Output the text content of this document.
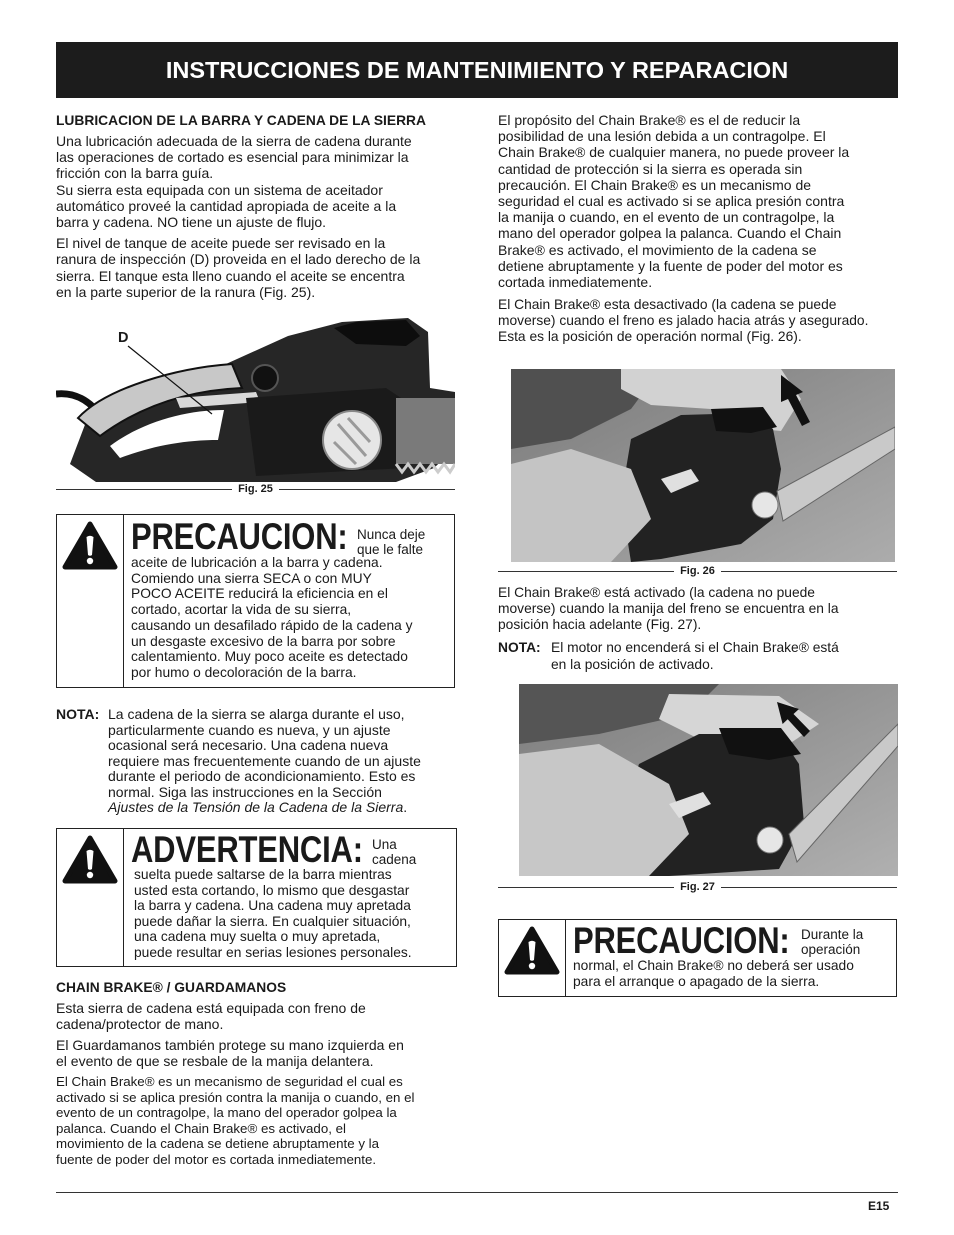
INSTRUCCIONES DE MANTENIMIENTO Y REPARACION
LUBRICACION DE LA BARRA Y CADENA DE LA SIERRA
Una lubricación adecuada de la sierra de cadena durante
las operaciones de cortado es esencial para minimizar la
fricción con la barra guía.
Su sierra esta equipada con un sistema de aceitador
automático proveé la cantidad apropiada de aceite a la
barra y cadena. NO tiene un ajuste de flujo.
El nivel de tanque de aceite puede ser revisado en la
ranura de inspección (D) proveida en el lado derecho de la
sierra. El tanque esta lleno cuando el aceite se encentra
en la parte superior de la ranura (Fig. 25).
D
Fig. 25
PRECAUCION: Nunca deje
que le falte
aceite de lubricación a la barra y cadena.
Comiendo una sierra SECA o con MUY
POCO ACEITE reducirá la eficiencia en el
cortado, acortar la vida de su sierra,
causando un desafilado rápido de la cadena y
un desgaste excesivo de la barra por sobre
calentamiento. Muy poco aceite es detectado
por humo o decoloración de la barra.
NOTA: La cadena de la sierra se alarga durante el uso,
particularmente cuando es nueva, y un ajuste
ocasional será necesario. Una cadena nueva
requiere mas frecuentemente cuando de un ajuste
durante el periodo de acondicionamiento. Esto es
normal. Siga las instrucciones en la Sección
Ajustes de la Tensión de la Cadena de la Sierra.
ADVERTENCIA: Una
cadena
suelta puede saltarse de la barra mientras
usted esta cortando, lo mismo que desgastar
la barra y cadena. Una cadena muy apretada
puede dañar la sierra. En cualquier situación,
una cadena muy suelta o muy apretada,
puede resultar en serias lesiones personales.
CHAIN BRAKE® / GUARDAMANOS
Esta sierra de cadena está equipada con freno de
cadena/protector de mano.
El Guardamanos también protege su mano izquierda en
el evento de que se resbale de la manija delantera.
El Chain Brake® es un mecanismo de seguridad el cual es
activado si se aplica presión contra la manija o cuando, en el
evento de un contragolpe, la mano del operador golpea la
palanca. Cuando el Chain Brake® es activado, el
movimiento de la cadena se detiene abruptamente y la
fuente de poder del motor es cortada inmediatemente.
El propósito del Chain Brake® es el de reducir la
posibilidad de una lesión debida a un contragolpe. El
Chain Brake® de cualquier manera, no puede proveer la
cantidad de protección si la sierra es operada sin
precaución. El Chain Brake® es un mecanismo de
seguridad el cual es activado si se aplica presión contra
la manija o cuando, en el evento de un contragolpe, la
mano del operador golpea la palanca. Cuando el Chain
Brake® es activado, el movimiento de la cadena se
detiene abruptamente y la fuente de poder del motor es
cortada inmediatemente.
El Chain Brake® esta desactivado (la cadena se puede
moverse) cuando el freno es jalado hacia atrás y asegurado.
Esta es la posición de operación normal (Fig. 26).
Fig. 26
El Chain Brake® está activado (la cadena no puede
moverse) cuando la manija del freno se encuentra en la
posición hacia adelante (Fig. 27).
NOTA: El motor no encenderá si el Chain Brake® está
en la posición de activado.
Fig. 27
PRECAUCION: Durante la
operación
normal, el Chain Brake® no deberá ser usado
para el arranque o apagado de la sierra.
E15
